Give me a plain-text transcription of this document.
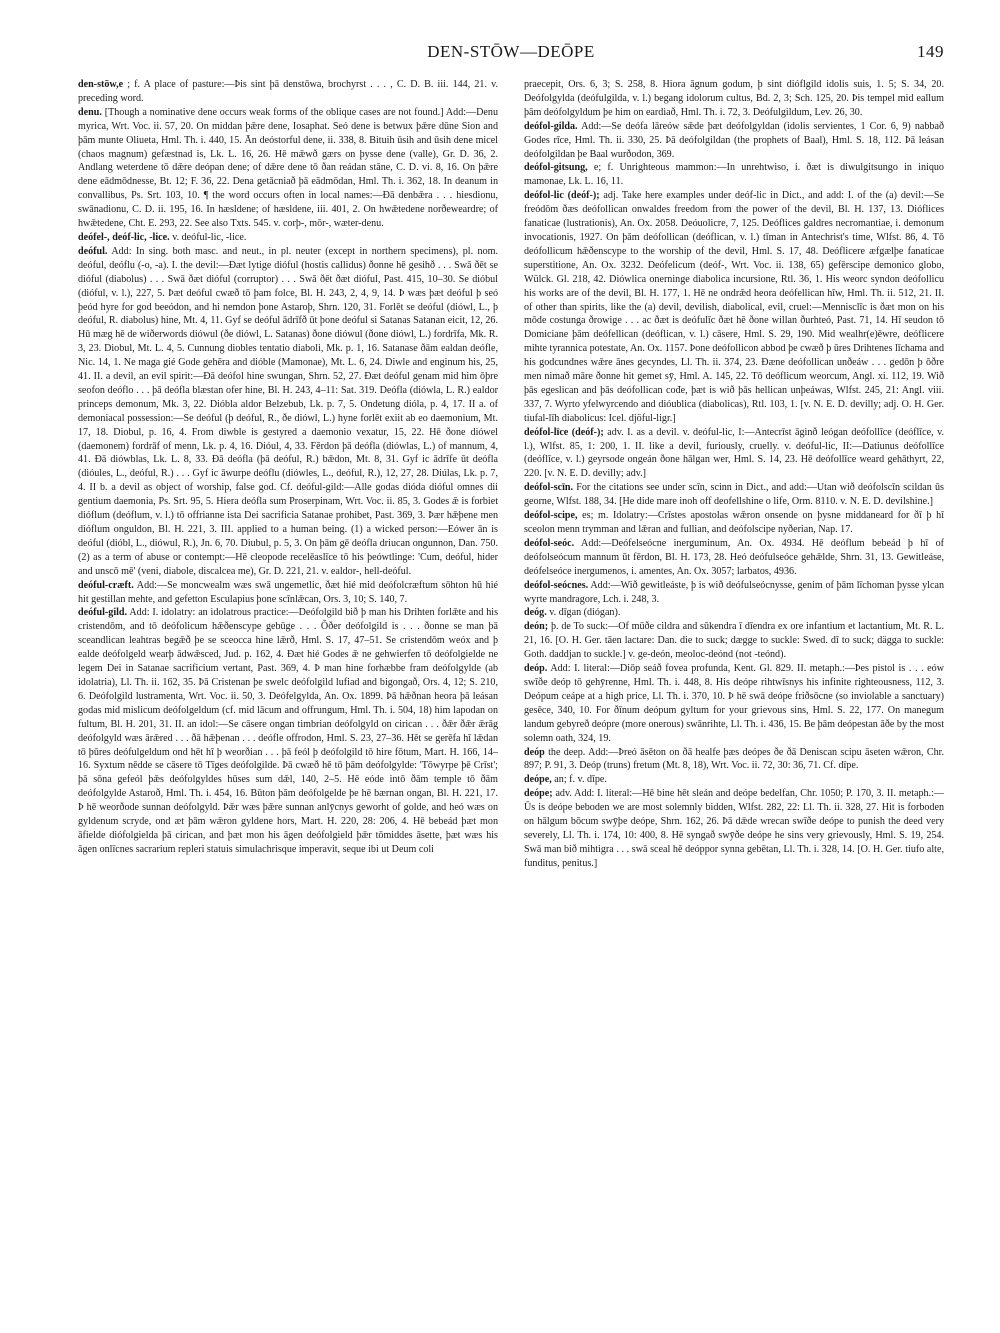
DEN-STŌW—DEŌPE	149

den-stōw,e ; f. A place of pasture:—Þis sint þā denstōwa, brochyrst . . . , C. D. B. iii. 144, 21. v. preceding word.

denu. [Though a nominative dene occurs weak forms of the oblique cases are not found.] Add:—Denu myrica, Wrt. Voc. ii. 57, 20. On middan þǣre dene, Iosaphat. Seó dene is betwux þǣre dūne Sion and þām munte Oliueta, Hml. Th. i. 440, 15. Ān deóstorful dene, ii. 338, 8. Bituih ūsih and ūsih dene micel (chaos magnum) gefæstnad is, Lk. L. 16, 26. Hē mǣwð gærs on þysse dene (valle), Gr. D. 36, 2. Andlang weterdene tō dǣre deópan dene; of dǣre dene tō ðan reádan stāne, C. D. vi. 8, 16. On þǣre dene eādmōdnesse, Bt. 12; F. 36, 22. Dena getācniað þā eādmōdan, Hml. Th. i. 362, 18. In deanum in convallibus, Ps. Srt. 103, 10. ¶ the word occurs often in local names:—Ðā denbǣra . . . hiesdionu, swānadionu, C. D. ii. 195, 16. In hæsldene; of hæsldene, iii. 401, 2. On hwǣtedene norðeweardre; of hwǣtedene, Cht. E. 293, 22. See also Txts. 545. v. corþ-, mōr-, wæter-denu.

deófel-, deóf-lic, -lice. v. deóful-lic, -lice.

deóful. Add: In sing. both masc. and neut., in pl. neuter (except in northern specimens), pl. nom. deóful, deóflu (-o, -a). I. the devil:—Ðæt lytige dióful (hostis callidus) ðonne hē gesihð . . . Swā ðēt se dióful (diabolus) . . . Swā ðæt dióful (corruptor) . . . Swā ðēt ðæt dióful, Past. 415, 10–30. Se dióbul (dióful, v. l.), 227, 5. Þæt deóful cwæð tō þam folce, Bl. H. 243, 2, 4, 9, 14. Þ wæs þæt deóful þ seó þeód hyre for god beeódon, and hi nemdon þone Astaroþ, Shrn. 120, 31. Forlēt se deóful (diówl, L., þ deóful, R. diabolus) hine, Mt. 4, 11. Gyf se deóful ādrīfð ūt þone deóful si Satanas Satanan eicit, 12, 26. Hū mæg hē de wiðerwords diówul (ðe diówl, L. Satanas) ðone diówul (ðone diówl, L.) fordrīfa, Mk. R. 3, 23. Diobul, Mt. L. 4, 5. Cunnung diobles tentatio diaboli, Mk. p. 1, 16. Satanase ðām ealdan deófle, Nic. 14, 1. Ne maga gié Gode gehēra and dióble (Mamonae), Mt. L. 6, 24. Diwle and enginum his, 25, 41. II. a devil, an evil spirit:—Ðā deófol hine swungan, Shrn. 52, 27. Ðæt deóful genam mid him ōþre seofon deóflo . . . þā deófla blæstan ofer hine, Bl. H. 243, 4–11: Sat. 319. Deófla (diówla, L. R.) ealdor princeps demonum, Mk. 3, 22. Dióbla aldor Belzebub, Lk. p. 7, 5. Ondetung dióla, p. 4, 17. II a. of demoniacal possession:—Se deóful (þ deóful, R., ðe diówl, L.) hyne forlēt exiit ab eo daemonium, Mt. 17, 18. Diobul, p. 16, 4. From diwble is gestyred a daemonio vexatur, 15, 22. Hē ðone diówel (daemonem) fordrāf of menn, Lk. p. 4, 16. Dióul, 4, 33. Fērdon þā deófla (diówlas, L.) of mannum, 4, 41. Ðā diówblas, Lk. L. 8, 33. Ðā deófla (þā deóful, R.) bǣdon, Mt. 8, 31. Gyf ic ādrīfe ūt deófla (dióules, L., deóful, R.) . . . Gyf ic āwurpe deóflu (diówles, L., deóful, R.), 12, 27, 28. Diúlas, Lk. p. 7, 4. II b. a devil as object of worship, false god. Cf. deóful-gild:—Alle godas dióda dióful omnes dii gentium daemonia, Ps. Srt. 95, 5. Hiera deófla sum Proserpinam, Wrt. Voc. ii. 85, 3. Godes ǣ is forbiet dióflum (deóflum, v. l.) tō offrianne ista Dei sacrificia Satanae prohibet, Past. 369, 3. Þær hǣþene men dióflum onguldon, Bl. H. 221, 3. III. applied to a human being. (1) a wicked person:—Eówer ān is deóful (dióbl, L., diówul, R.), Jn. 6, 70. Diubul, p. 5, 3. On þām gē deófla driucan ongunnon, Dan. 750. (2) as a term of abuse or contempt:—Hē cleopode recelēaslīce tō his þeówtlinge: 'Cum, deóful, hider and unscō mē' (veni, diabole, discalcea me), Gr. D. 221, 21. v. ealdor-, hell-deóful.

deóful-cræft. Add:—Se moncwealm wæs swā ungemetlic, ðæt hié mid deófolcræftum sōhton hū hié hit gestillan mehte, and gefetton Esculapius þone scīnlǣcan, Ors. 3, 10; S. 140, 7.

deóful-gild. Add: I. idolatry: an idolatrous practice:—Deófolgild bið þ man his Drihten forlǣte and his cristendōm, and tō deófolicum hǣðenscype gebūge . . . Ǒðer deófolgild is . . . ðonne se man þā sceandlican leahtras begǣð þe se sceocca hine lǣrð, Hml. S. 17, 47–51. Se cristendōm weóx and þ ealde deófolgeld wearþ ādwǣsced, Jud. p. 162, 4. Ðæt hié Godes ǣ ne gehwierfen tō deófolgielde ne legem Dei in Satanae sacrificium vertant, Past. 369, 4. Þ man hine forhæbbe fram deófolgylde (ab idolatria), Ll. Th. ii. 162, 35. Þā Cristenan þe swelc deófolgild lufiad and bigongað, Ors. 4, 12; S. 210, 6. Deófolgild lustramenta, Wrt. Voc. ii. 50, 3. Deófelgylda, An. Ox. 1899. Þā hǣðnan heora þā leásan godas mid mislicum deófolgeldum (cf. mid lācum and offrungum, Hml. Th. i. 504, 18) him lapodan on fultum, Bl. H. 201, 31. II. an idol:—Se cāsere ongan timbrian deófolgyld on cirican . . . ðǣr ðǣr ǣrāg deófolgyld wæs ārǣred . . . ðā hǣþenan . . . deófle offrodon, Hml. S. 23, 27–36. Hēt se gerēfa hī lǣdan tō þūres deófulgeldum ond hēt hī þ weorðian . . . þā feól þ deófolgild tō hire fōtum, Mart. H. 166, 14–16. Syxtum nēdde se cāsere tō Tīges deófolgilde. Þā cwæð hē tō þām deófolgylde: 'Tōwyrpe þē Crīst'; þā sōna gefeól þǣs deófolgyldes hūses sum dǣl, 140, 2–5. Hē eóde intō ðām temple tō ðām deófolgylde Astaroð, Hml. Th. i. 454, 16. Būton þām deófolgelde þe hē bærnan ongan, Bl. H. 221, 17. Þ hē weorðode sunnan deófolgyld. Þǣr wæs þǣre sunnan anlȳcnys geworht of golde, and heó wæs on gyldenum scryde, ond æt þām wǣron gyldene hors, Mart. H. 220, 28: 206, 4. Hē bebeád þæt mon āfielde diófolgielda þā cirican, and þæt mon his āgen deófolgield þǣr tōmiddes āsette, þæt wæs his āgen onlīcnes sacrarium repleri statuis simulachrisque imperavit, seque ibi ut Deum coli

praecepit, Ors. 6, 3; S. 258, 8. Hiora āgnum godum, þ sint dióflgild idolis suis, 1. 5; S. 34, 20. Deófolgylda (deófulgilda, v. l.) begang idolorum cultus, Bd. 2, 3; Sch. 125, 20. Þis tempel mid eallum þām deófolgyldum þe him on eardiað, Hml. Th. i. 72, 3. Deófulgildum, Lev. 26, 30.

deófol-gilda. Add:—Se deófa lāreów sǣde þæt deófolgyldan (idolis servientes, 1 Cor. 6, 9) nabbað Godes rīce, Hml. Th. ii. 330, 25. Þā deófolgildan (the prophets of Baal), Hml. S. 18, 112. Þā leásan deófolgildan þe Baal wurðodon, 369.

deófol-gitsung, e; f. Unrighteous mammon:—In unrehtwiso, i. ðæt is diwulgitsungo in iniquo mamonae, Lk. L. 16, 11.

deófol-lic (deóf-); adj. Take here examples under deóf-lic in Dict., and add: I. of the (a) devil:—Se freódōm ðæs deófollican onwaldes freedom from the power of the devil, Bl. H. 137, 13. Dióflices fanaticae (lustrationis), An. Ox. 2058. Deóuolicre, 7, 125. Deóflices galdres necromantiae, i. demonum invocationis, 1927. On þām deófollican (deóflican, v. l.) tīman in Antechrist's time, Wlfst. 86, 4. Tō deófollicum hǣðenscype to the worship of the devil, Hml. S. 17, 48. Deóflicere æfgælþe fanaticae superstitione, An. Ox. 3232. Deófelicum (deóf-, Wrt. Voc. ii. 138, 65) gefērscipe demonico globo, Wülck. Gl. 218, 42. Diówlica onerninge diabolica incursione, Rtl. 36, 1. His weorc syndon deófollicu his works are of the devil, Bl. H. 177, 1. Hē ne ondrǣd heora deófellican hīw, Hml. Th. ii. 512, 21. II. of other than spirits, like the (a) devil, devilish, diabolical, evil, cruel:—Mennisclīc is ðæt mon on his mōde costunga ðrowige . . . ac ðæt is deófulīc ðæt hē ðone willan ðurhteó, Past. 71, 14. Hī seudon tō Domiciane þām deófellican (deóflican, v. l.) cāsere, Hml. S. 29, 190. Mid wealhr(e)ēwre, deóflicere mihte tyrannica potestate, An. Ox. 1157. Þone deófollicon abbod þe cwæð þ ūres Drihtenes līchama and his godcundnes wǣre ānes gecyndes, Ll. Th. ii. 374, 23. Ðæne deófollican unðeáw . . . gedōn þ ōðre men nimað māre ðonne hit gemet sȳ, Hml. A. 145, 22. Tō deóflicum weorcum, Angl. xi. 112, 19. Wið þās egeslican and þās deófollican cođe, þæt is wið þās hellican unþeáwas, Wlfst. 245, 21: Angl. viii. 337, 7. Wyrto yfelwyrcendo and dióublica (diabolicas), Rtl. 103, 1. [v. N. E. D. devilly; adj. O. H. Ger. tiufal-līh diabolicus: Icel. djöful-ligr.]

deófol-līce (deóf-); adv. I. as a devil. v. deóful-lic, I:—Antecrīst āginð leógan deófollīce (deóflīce, v. l.), Wlfst. 85, 1: 200, 1. II. like a devil, furiously, cruelly. v. deóful-lic, II:—Datiunus deófollīce (deóflīce, v. l.) geyrsode ongeán ðone hālgan wer, Hml. S. 14, 23. Hē deófollīce weard gehāthyrt, 22, 220. [v. N. E. D. devilly; adv.]

deófol-scīn. For the citations see under scīn, scinn in Dict., and add:—Utan wið deófolscīn scildan ūs georne, Wlfst. 188, 34. [He dide mare inoh off deofellshine o life, Orm. 8110. v. N. E. D. devilshine.]

deófol-scipe, es; m. Idolatry:—Crīstes apostolas wǣron onsende on þysne middaneard for ðī þ hī sceolon menn trymman and lǣran and fullian, and deófolscipe nyðerian, Nap. 17.

deófol-seóc. Add:—Deófelseócne inerguminum, An. Ox. 4934. Hē deóflum bebeád þ hī of deófolseócum mannum ūt fērdon, Bl. H. 173, 28. Heó deófulseóce gehǣlde, Shrn. 31, 13. Gewitleáse, deófelseóce inergumenos, i. amentes, An. Ox. 3057; larbatos, 4936.

deófol-seócnes. Add:—Wið gewitleáste, þ is wið deófulseócnysse, genim of þām līchoman þysse ylcan wyrte mandragore, Lch. i. 248, 3.

deóg. v. dīgan (diógan).

deón; þ. de To suck:—Of mūðe cildra and sūkendra ī dīendra ex ore infantium et lactantium, Mt. R. L. 21, 16. [O. H. Ger. tāen lactare: Dan. die to suck; dægge to suckle: Swed. dī to suck; dägga to suckle: Goth. daddjan to suckle.] v. ge-deón, meoloc-deónd (not -teónd).

deóp. Add: I. literal:—Diōp seáð fovea profunda, Kent. Gl. 829. II. metaph.:—Þes pistol is . . . eów swīðe deóp tō gehȳrenne, Hml. Th. i. 448, 8. His deópe rihtwīsnys his infinite righteousness, 112, 3. Deópum ceápe at a high price, Ll. Th. i. 370, 10. Þ hē swā deópe friðsōcne (so inviolable a sanctuary) gesēce, 340, 10. For ðīnum deópum gyltum for your grievous sins, Hml. S. 22, 177. On manegum landum gebyreð deópre (more onerous) swānrihte, Ll. Th. i. 436, 15. Be þām deópestan āðe by the most solemn oath, 324, 19.

deóp the deep. Add:—Þreó āsēton on ðā healfe þæs deópes ðe ðā Deniscan scipu āseten wǣron, Chr. 897; P. 91, 3. Deóp (truns) fretum (Mt. 8, 18), Wrt. Voc. ii. 72, 30: 36, 71. Cf. dīpe.

deópe, an; f. v. dīpe.

deópe; adv. Add: I. literal:—Hē bine hēt sleán and deópe bedelfan, Chr. 1050; P. 170, 3. II. metaph.:—Ūs is deópe beboden we are most solemnly bidden, Wlfst. 282, 22: Ll. Th. ii. 328, 27. Hit is forboden on hālgum bōcum swȳþe deópe, Shrn. 162, 26. Þā dǣde wrecan swīðe deópe to punish the deed very severely, Ll. Th. i. 174, 10: 400, 8. Hē syngað swȳðe deópe he sins very grievously, Hml. S. 19, 254. Swā man bið mihtigra . . . swā sceal hē deóppor synna gebētan, Ll. Th. i. 328, 14. [O. H. Ger. tiufo alte, funditus, penitus.]
